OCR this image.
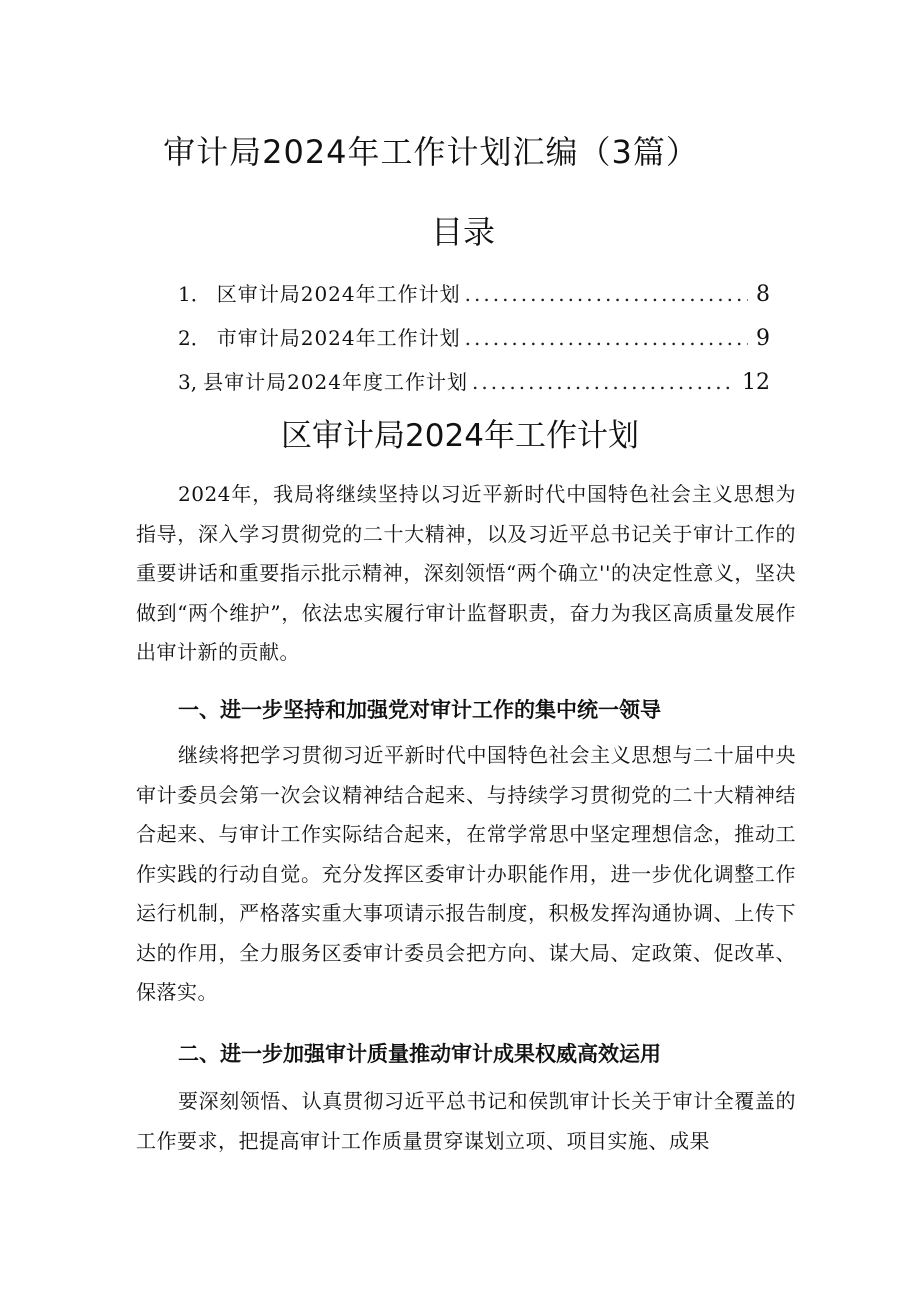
审计局2024年工作计划汇编（3篇）
目录
1． 区审计局2024年工作计划 .....	8
2． 市审计局2024年工作计划 .....	9
3, 县审计局2024年度工作计划 .....	12
区审计局2024年工作计划

2024年，我局将继续坚持以习近平新时代中国特色社会主义思想为指导，深入学习贯彻党的二十大精神，以及习近平总书记关于审计工作的重要讲话和重要指示批示精神，深刻领悟“两个确立''的决定性意义，坚决做到“两个维护”，依法忠实履行审计监督职责，奋力为我区高质量发展作出审计新的贡献。

一、进一步坚持和加强党对审计工作的集中统一领导

继续将把学习贯彻习近平新时代中国特色社会主义思想与二十届中央审计委员会第一次会议精神结合起来、与持续学习贯彻党的二十大精神结合起来、与审计工作实际结合起来，在常学常思中坚定理想信念，推动工作实践的行动自觉。充分发挥区委审计办职能作用，进一步优化调整工作运行机制，严格落实重大事项请示报告制度，积极发挥沟通协调、上传下达的作用，全力服务区委审计委员会把方向、谋大局、定政策、促改革、保落实。

二、进一步加强审计质量推动审计成果权威高效运用

要深刻领悟、认真贯彻习近平总书记和侯凯审计长关于审计全覆盖的工作要求，把提高审计工作质量贯穿谋划立项、项目实施、成果
